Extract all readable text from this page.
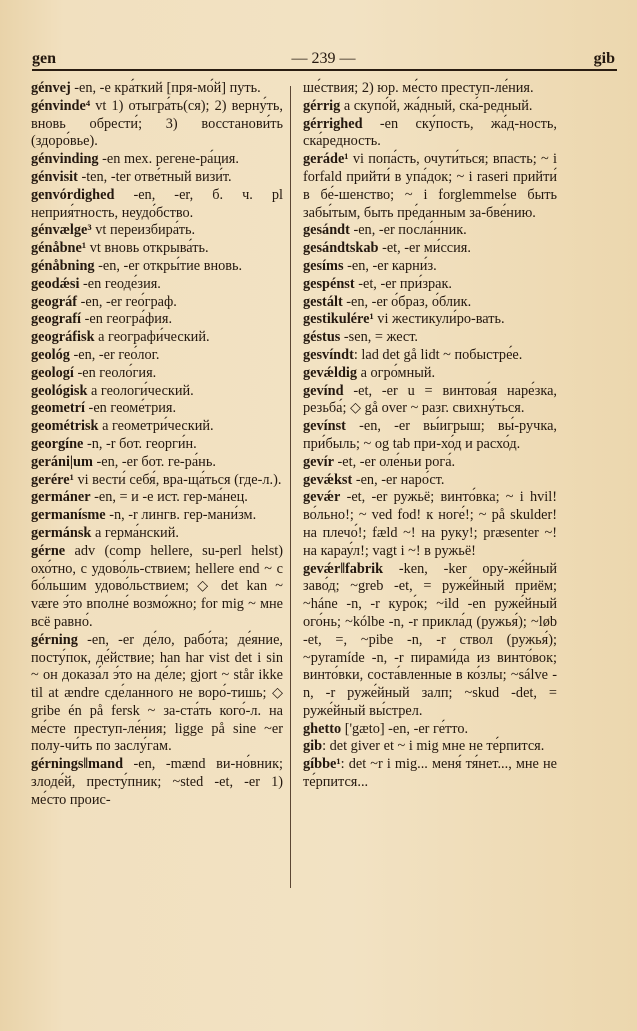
gen	— 239 —	gib
génvej -en, -e кра́ткий [пря-мо́й] путь.
génvinde⁴ vt 1) отыгра́ть(ся); 2) верну́ть, вновь обрести́; 3) восстанови́ть (здоро́вье).
génvinding -en mex. регене-ра́ция.
génvisit -ten, -ter отве́тный визи́т.
genvórdighed -en, -er, б. ч. pl неприя́тность, неудо́бство.
génvælge³ vt переизбира́ть.
génåbne¹ vt вновь открыва́ть.
génåbning -en, -er откры́тие вновь.
geodǽsi -en геоде́зия.
geográf -en, -er гео́граф.
geografí -en геогра́фия.
geográfisk a географи́ческий.
geológ -en, -er гео́лог.
geologí -en геоло́гия.
geológisk a геологи́ческий.
geometrí -en геоме́трия.
geométrisk a геометри́ческий.
georgíne -n, -r бот. георги́н.
geráni|um -en, -er бот. ге-ра́нь.
gerére¹ vi вести́ себя́, вра-ща́ться (где-л.).
germáner -en, = и -е ист. гер-ма́нец.
germanísme -n, -r лингв. гер-мани́зм.
germánsk a герма́нский.
gérne adv (comp hellere, su-perl helst) охо́тно, с удово́ль-ствием; hellere end ~ с бо́льшим удово́льствием; ◇ det kan ~ være э́то вполне́ возмо́жно; for mig ~ мне всё равно́.
gérning -en, -er де́ло, рабо́та; де́яние, посту́пок, де́йствие; han har vist det i sin ~ он доказа́л э́то на де́ле; gjort ~ står ikke til at ændre сде́ланного не воро́-тишь; ◇ gribe én på fersk ~ за-ста́ть кого́-л. на ме́сте преступ-ле́ния; ligge på sine ~er полу-чи́ть по заслу́гам.
gérnings‖mand -en, -mænd ви-но́вник; злоде́й, престу́пник; ~sted -et, -er 1) ме́сто проис-
ше́ствия; 2) юр. ме́сто преступ-ле́ния.
gérrig a скупо́й, жа́дный, ска́-редный.
gérrighed -en ску́пость, жа́д-ность, ска́редность.
geráde¹ vi попа́сть, очути́ться; впасть; ~ i forfald прийти́ в упа́док; ~ i raseri прийти́ в бе́-шенство; ~ i forglemmelse быть забы́тым, быть пре́данным за-бве́нию.
gesándt -en, -er посла́нник.
gesándtskab -et, -er ми́ссия.
gesíms -en, -er карни́з.
gespénst -et, -er при́зрак.
gestált -en, -er о́браз, о́блик.
gestikulére¹ vi жестикули́ро-вать.
géstus -sen, = жест.
gesvíndt: lad det gå lidt ~ побыстре́е.
gevǽldig a огро́мный.
gevínd -et, -er u = винтова́я наре́зка, резьба́; ◇ gå over ~ разг. свихну́ться.
gevínst -en, -er вы́игрыш; вы́-ручка, при́быль; ~ og tab при-хо́д и расхо́д.
gevír -et, -er оле́ньи рога́.
gevǽkst -en, -er наро́ст.
gevǽr -et, -er ружьё; винто́вка; ~ i hvil! во́льно!; ~ ved fod! к ноге́!; ~ på skulder! на плечо́!; fæld ~! на руку!; præsenter ~! на карау́л!; vagt i ~! в ружьё!
gevǽr‖fabrik -ken, -ker ору-же́йный заво́д; ~greb -et, = руже́йный приём; ~háne -n, -r куро́к; ~ild -en руже́йный ого́нь; ~kólbe -n, -r прикла́д (ружья́); ~løb -et, =, ~pibe -n, -r ствол (ружья́); ~pyramíde -n, -r пирами́да из винто́вок; винто́вки, соста́вленные в ко́злы; ~sálve -n, -r руже́йный залп; ~skud -det, = руже́йный вы́стрел.
ghetto ['gæto] -en, -er ге́тто.
gib: det giver et ~ i mig мне не те́рпится.
gíbbe¹: det ~r i mig... меня́ тя́нет..., мне не те́рпится...
